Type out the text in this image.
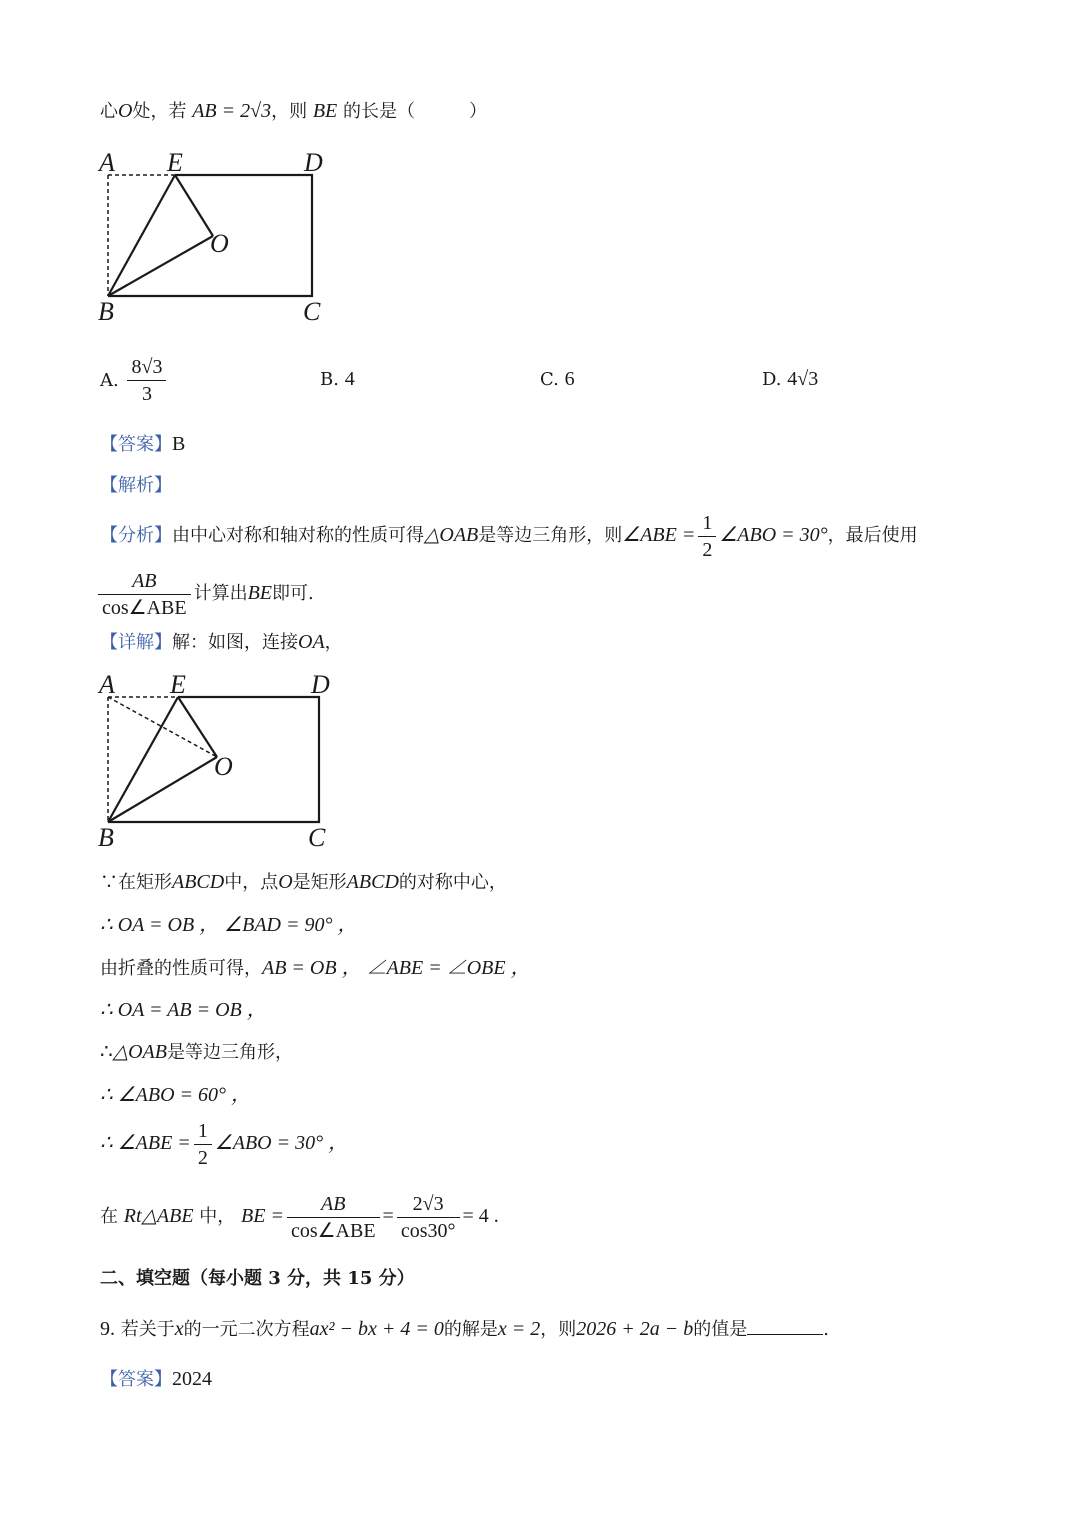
心O处，若 AB = 2√3，则 BE 的长是（　　　）
A E	D
O
B	C
A. $\frac{8√3}{3}$	B. 4	C. 6	D. 4√3
【答案】B
【解析】
【分析】由中心对称和轴对称的性质可得△OAB是等边三角形，则∠ABE = $\frac{1}{2}$ ∠ABO = 30°，最后使用
$\frac{AB}{\text{cos∠ABE}}$ 计算出BE即可.
【详解】解：如图，连接OA，
A E	D
O
B	C
∵在矩形ABCD中，点O是矩形ABCD的对称中心，
∴ OA = OB ， ∠BAD = 90° ，
由折叠的性质可得，AB = OB ， ∠ABE = ∠OBE ，
∴ OA = AB = OB ，
∴△OAB是等边三角形，
∴ ∠ABO = 60° ，
∴ ∠ABE = $\frac{1}{2}$ ∠ABO = 30° ，
在 Rt△ABE 中， BE = $\frac{AB}{\text{cos∠ABE}} = \frac{2√3}{\cos 30^\circ} = 4$ .
二、填空题（每小题 3 分，共 15 分）
9. 若关于x的一元二次方程ax² − bx + 4 = 0的解是x = 2，则2026 + 2a − b的值是	.
【答案】2024
